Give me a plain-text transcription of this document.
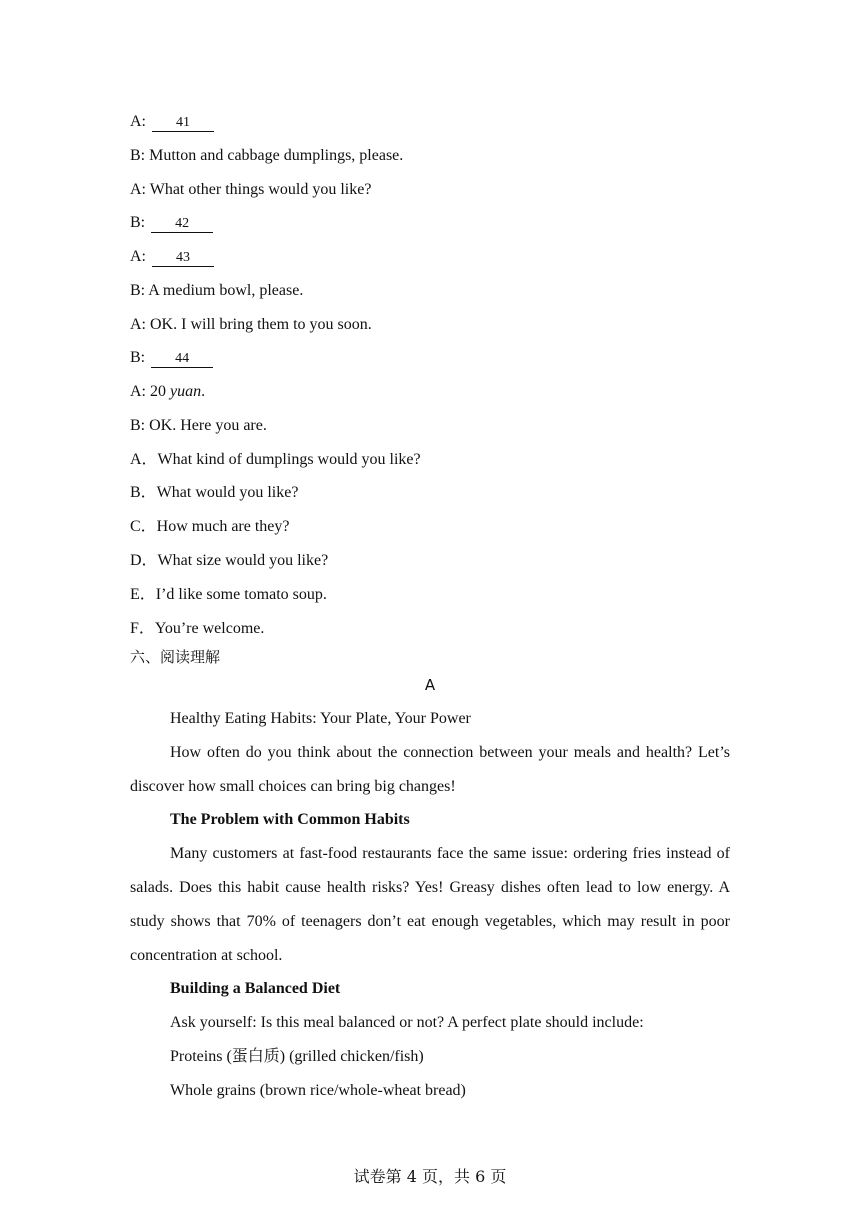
A: 41
B: Mutton and cabbage dumplings, please.
A: What other things would you like?
B: 42
A: 43
B: A medium bowl, please.
A: OK. I will bring them to you soon.
B: 44
A: 20 yuan.
B: OK. Here you are.
A．What kind of dumplings would you like?
B．What would you like?
C．How much are they?
D．What size would you like?
E．I’d like some tomato soup.
F．You’re welcome.
六、阅读理解
A
Healthy Eating Habits: Your Plate, Your Power
How often do you think about the connection between your meals and health? Let’s discover how small choices can bring big changes!
The Problem with Common Habits
Many customers at fast-food restaurants face the same issue: ordering fries instead of salads. Does this habit cause health risks? Yes! Greasy dishes often lead to low energy. A study shows that 70% of teenagers don’t eat enough vegetables, which may result in poor concentration at school.
Building a Balanced Diet
Ask yourself: Is this meal balanced or not? A perfect plate should include:
Proteins (蛋白质) (grilled chicken/fish)
Whole grains (brown rice/whole-wheat bread)
试卷第 4 页，共 6 页
